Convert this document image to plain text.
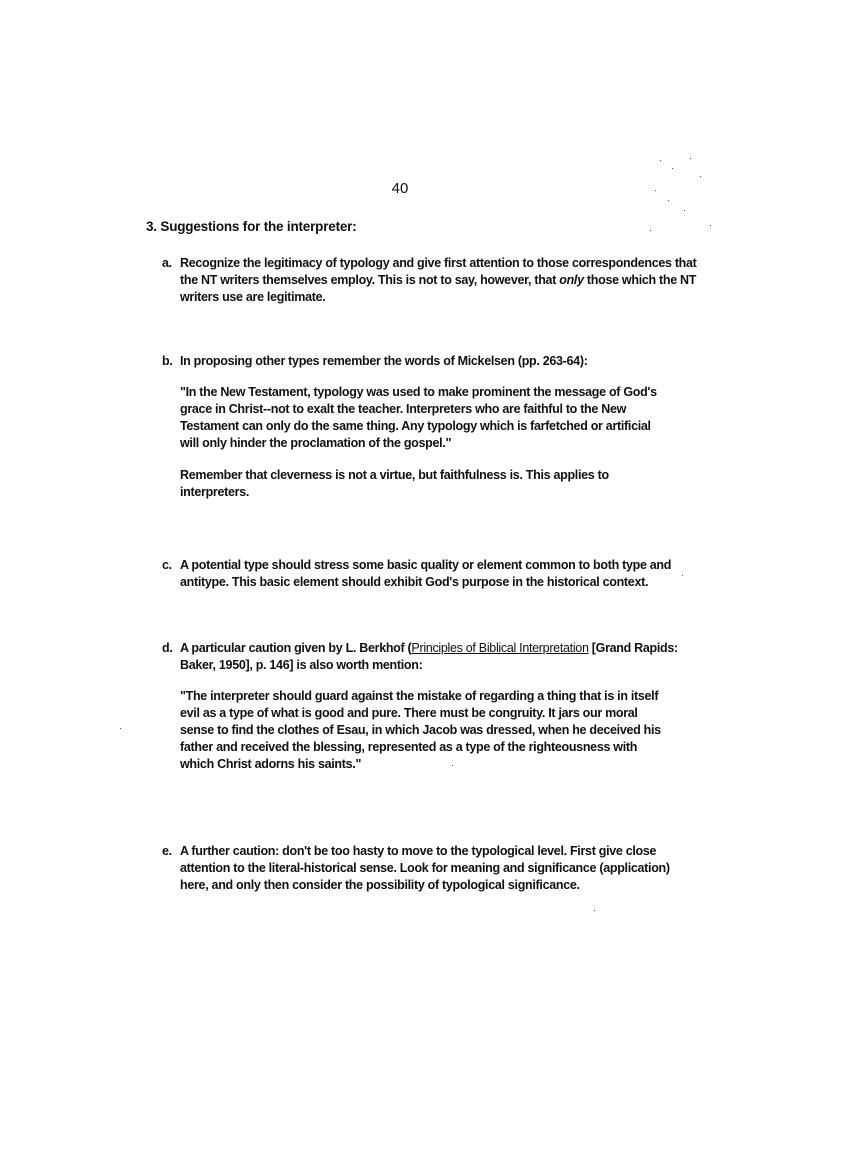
40
3. Suggestions for the interpreter:
a. Recognize the legitimacy of typology and give first attention to those correspondences that the NT writers themselves employ. This is not to say, however, that only those which the NT writers use are legitimate.

b. In proposing other types remember the words of Mickelsen (pp. 263-64):

"In the New Testament, typology was used to make prominent the message of God's grace in Christ--not to exalt the teacher. Interpreters who are faithful to the New Testament can only do the same thing. Any typology which is farfetched or artificial will only hinder the proclamation of the gospel."

Remember that cleverness is not a virtue, but faithfulness is. This applies to interpreters.

c. A potential type should stress some basic quality or element common to both type and antitype. This basic element should exhibit God's purpose in the historical context.

d. A particular caution given by L. Berkhof (Principles of Biblical Interpretation [Grand Rapids: Baker, 1950], p. 146] is also worth mention:

"The interpreter should guard against the mistake of regarding a thing that is in itself evil as a type of what is good and pure. There must be congruity. It jars our moral sense to find the clothes of Esau, in which Jacob was dressed, when he deceived his father and received the blessing, represented as a type of the righteousness with which Christ adorns his saints."

e. A further caution: don't be too hasty to move to the typological level. First give close attention to the literal-historical sense. Look for meaning and significance (application) here, and only then consider the possibility of typological significance.
